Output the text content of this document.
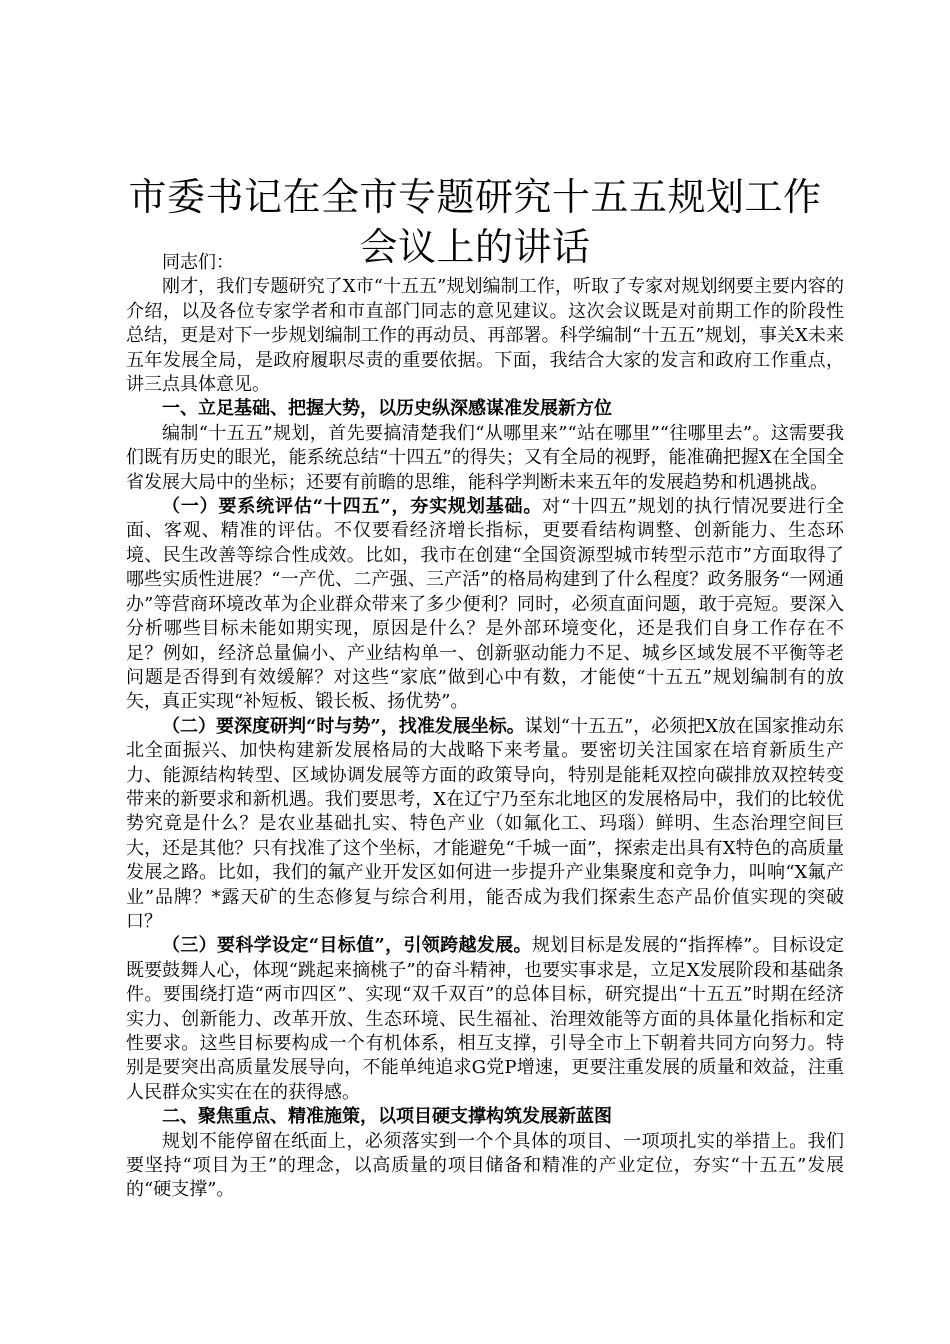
市委书记在全市专题研究十五五规划工作会议上的讲话

同志们：

刚才，我们专题研究了X市“十五五”规划编制工作，听取了专家对规划纲要主要内容的介绍，以及各位专家学者和市直部门同志的意见建议。这次会议既是对前期工作的阶段性总结，更是对下一步规划编制工作的再动员、再部署。科学编制“十五五”规划，事关X未来五年发展全局，是政府履职尽责的重要依据。下面，我结合大家的发言和政府工作重点，讲三点具体意见。

一、立足基础、把握大势，以历史纵深感谋准发展新方位

编制“十五五”规划，首先要搞清楚我们“从哪里来”“站在哪里”“往哪里去”。这需要我们既有历史的眼光，能系统总结“十四五”的得失；又有全局的视野，能准确把握X在全国全省发展大局中的坐标；还要有前瞻的思维，能科学判断未来五年的发展趋势和机遇挑战。

（一）要系统评估“十四五”，夯实规划基础。对“十四五”规划的执行情况要进行全面、客观、精准的评估。不仅要看经济增长指标，更要看结构调整、创新能力、生态环境、民生改善等综合性成效。比如，我市在创建“全国资源型城市转型示范市”方面取得了哪些实质性进展？“一产优、二产强、三产活”的格局构建到了什么程度？政务服务“一网通办”等营商环境改革为企业群众带来了多少便利？同时，必须直面问题，敢于亮短。要深入分析哪些目标未能如期实现，原因是什么？是外部环境变化，还是我们自身工作存在不足？例如，经济总量偏小、产业结构单一、创新驱动能力不足、城乡区域发展不平衡等老问题是否得到有效缓解？对这些“家底”做到心中有数，才能使“十五五”规划编制有的放矢，真正实现“补短板、锻长板、扬优势”。

（二）要深度研判“时与势”，找准发展坐标。谋划“十五五”，必须把X放在国家推动东北全面振兴、加快构建新发展格局的大战略下来考量。要密切关注国家在培育新质生产力、能源结构转型、区域协调发展等方面的政策导向，特别是能耗双控向碳排放双控转变带来的新要求和新机遇。我们要思考，X在辽宁乃至东北地区的发展格局中，我们的比较优势究竟是什么？是农业基础扎实、特色产业（如氟化工、玛瑙）鲜明、生态治理空间巨大，还是其他？只有找准了这个坐标，才能避免“千城一面”，探索走出具有X特色的高质量发展之路。比如，我们的氟产业开发区如何进一步提升产业集聚度和竞争力，叫响“X氟产业”品牌？*露天矿的生态修复与综合利用，能否成为我们探索生态产品价值实现的突破口？

（三）要科学设定“目标值”，引领跨越发展。规划目标是发展的“指挥棒”。目标设定既要鼓舞人心，体现“跳起来摘桃子”的奋斗精神，也要实事求是，立足X发展阶段和基础条件。要围绕打造“两市四区”、实现“双千双百”的总体目标，研究提出“十五五”时期在经济实力、创新能力、改革开放、生态环境、民生福祉、治理效能等方面的具体量化指标和定性要求。这些目标要构成一个有机体系，相互支撑，引导全市上下朝着共同方向努力。特别是要突出高质量发展导向，不能单纯追求G党P增速，更要注重发展的质量和效益，注重人民群众实实在在的获得感。

二、聚焦重点、精准施策，以项目硬支撑构筑发展新蓝图

规划不能停留在纸面上，必须落实到一个个具体的项目、一项项扎实的举措上。我们要坚持“项目为王”的理念，以高质量的项目储备和精准的产业定位，夯实“十五五”发展的“硬支撑”。
